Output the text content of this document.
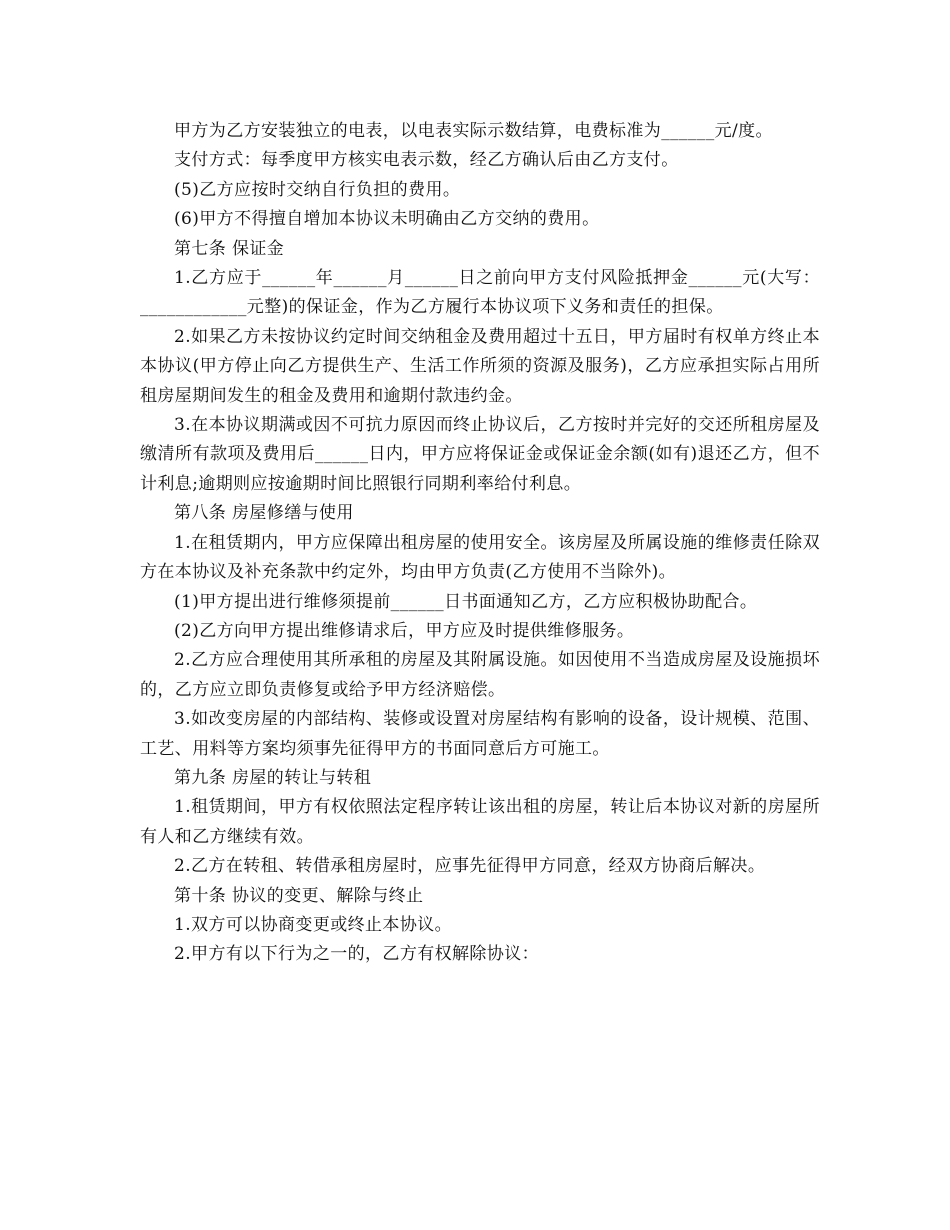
甲方为乙方安装独立的电表，以电表实际示数结算，电费标准为______元/度。

支付方式：每季度甲方核实电表示数，经乙方确认后由乙方支付。

(5)乙方应按时交纳自行负担的费用。

(6)甲方不得擅自增加本协议未明确由乙方交纳的费用。

第七条 保证金

1.乙方应于______年______月______日之前向甲方支付风险抵押金______元(大写：____________元整)的保证金，作为乙方履行本协议项下义务和责任的担保。

2.如果乙方未按协议约定时间交纳租金及费用超过十五日，甲方届时有权单方终止本本协议(甲方停止向乙方提供生产、生活工作所须的资源及服务)，乙方应承担实际占用所租房屋期间发生的租金及费用和逾期付款违约金。

3.在本协议期满或因不可抗力原因而终止协议后，乙方按时并完好的交还所租房屋及缴清所有款项及费用后______日内，甲方应将保证金或保证金余额(如有)退还乙方，但不计利息;逾期则应按逾期时间比照银行同期利率给付利息。

第八条 房屋修缮与使用

1.在租赁期内，甲方应保障出租房屋的使用安全。该房屋及所属设施的维修责任除双方在本协议及补充条款中约定外，均由甲方负责(乙方使用不当除外)。

(1)甲方提出进行维修须提前______日书面通知乙方，乙方应积极协助配合。

(2)乙方向甲方提出维修请求后，甲方应及时提供维修服务。

2.乙方应合理使用其所承租的房屋及其附属设施。如因使用不当造成房屋及设施损坏的，乙方应立即负责修复或给予甲方经济赔偿。

3.如改变房屋的内部结构、装修或设置对房屋结构有影响的设备，设计规模、范围、工艺、用料等方案均须事先征得甲方的书面同意后方可施工。

第九条 房屋的转让与转租

1.租赁期间，甲方有权依照法定程序转让该出租的房屋，转让后本协议对新的房屋所有人和乙方继续有效。

2.乙方在转租、转借承租房屋时，应事先征得甲方同意，经双方协商后解决。

第十条 协议的变更、解除与终止

1.双方可以协商变更或终止本协议。

2.甲方有以下行为之一的，乙方有权解除协议：
